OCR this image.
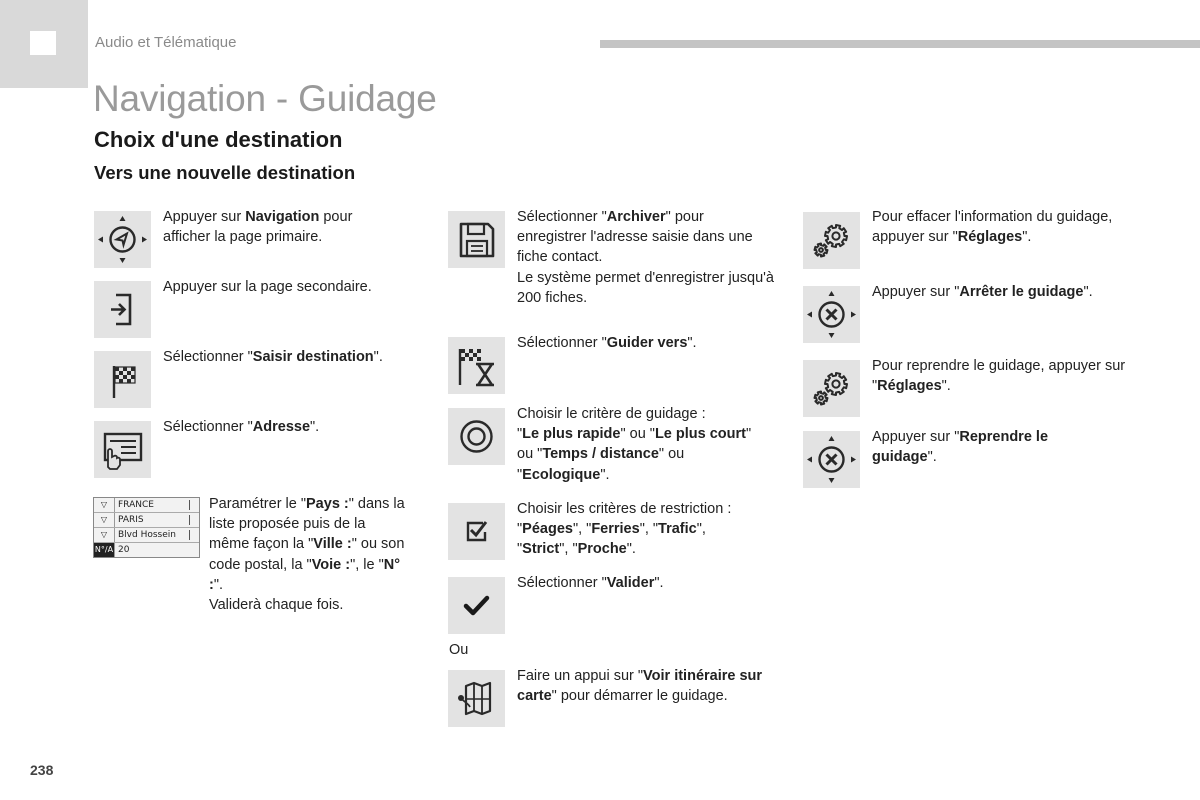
Audio et Télématique
Navigation - Guidage
Choix d'une destination
Vers une nouvelle destination
Appuyer sur Navigation pour afficher la page primaire.
Appuyer sur la page secondaire.
Sélectionner "Saisir destination".
Sélectionner "Adresse".
▽	FRANCE
▽	PARIS
▽	Blvd Hossein
N°/A 20
Paramétrer le "Pays :" dans la liste proposée puis de la même façon la "Ville :" ou son code postal, la "Voie :", le "N° :".
Validerà chaque fois.
Sélectionner "Archiver" pour enregistrer l'adresse saisie dans une fiche contact.
Le système permet d'enregistrer jusqu'à 200 fiches.
Sélectionner "Guider vers".
Choisir le critère de guidage :
"Le plus rapide" ou "Le plus court" ou "Temps / distance" ou "Ecologique".
Choisir les critères de restriction :
"Péages", "Ferries", "Trafic",
"Strict", "Proche".
Sélectionner "Valider".
Ou
Faire un appui sur "Voir itinéraire sur carte" pour démarrer le guidage.
Pour effacer l'information du guidage, appuyer sur "Réglages".
Appuyer sur "Arrêter le guidage".
Pour reprendre le guidage, appuyer sur "Réglages".
Appuyer sur "Reprendre le guidage".
238
